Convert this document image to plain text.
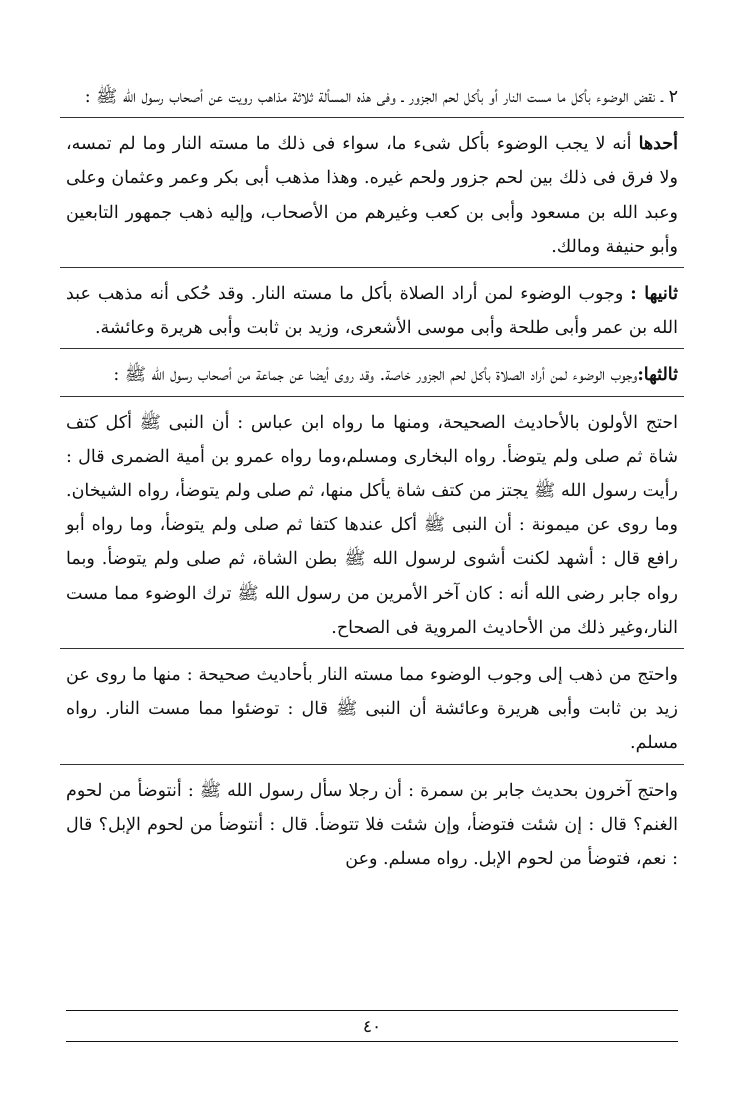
٢ ـ نقض الوضوء بأكل ما مست النار أو بأكل لحم الجزور ـ وفى هذه المسألة ثلاثة مذاهب رويت عن أصحاب رسول الله ﷺ :

أحدها أنه لا يجب الوضوء بأكل شىء ما، سواء فى ذلك ما مسته النار وما لم تمسه، ولا فرق فى ذلك بين لحم جزور ولحم غيره. وهذا مذهب أبى بكر وعمر وعثمان وعلى وعبد الله بن مسعود وأبى بن كعب وغيرهم من الأصحاب، وإليه ذهب جمهور التابعين وأبو حنيفة ومالك.

ثانيها : وجوب الوضوء لمن أراد الصلاة بأكل ما مسته النار. وقد حُكى أنه مذهب عبد الله بن عمر وأبى طلحة وأبى موسى الأشعرى، وزيد بن ثابت وأبى هريرة وعائشة.

ثالثها:وجوب الوضوء لمن أراد الصلاة بأكل لحم الجزور خاصة. وقد روى أيضا عن جماعة من أصحاب رسول الله ﷺ :

احتج الأولون بالأحاديث الصحيحة، ومنها ما رواه ابن عباس : أن النبى ﷺ أكل كتف شاة ثم صلى ولم يتوضأ. رواه البخارى ومسلم،وما رواه عمرو بن أمية الضمرى قال : رأيت رسول الله ﷺ يجتز من كتف شاة يأكل منها، ثم صلى ولم يتوضأ، رواه الشيخان. وما روى عن ميمونة : أن النبى ﷺ أكل عندها كتفا ثم صلى ولم يتوضأ، وما رواه أبو رافع قال : أشهد لكنت أشوى لرسول الله ﷺ بطن الشاة، ثم صلى ولم يتوضأ. وبما رواه جابر رضى الله أنه : كان آخر الأمرين من رسول الله ﷺ ترك الوضوء مما مست النار،وغير ذلك من الأحاديث المروية فى الصحاح.

واحتج من ذهب إلى وجوب الوضوء مما مسته النار بأحاديث صحيحة : منها ما روى عن زيد بن ثابت وأبى هريرة وعائشة أن النبى ﷺ قال : توضئوا مما مست النار. رواه مسلم.

واحتج آخرون بحديث جابر بن سمرة : أن رجلا سأل رسول الله ﷺ : أنتوضأ من لحوم الغنم؟ قال : إن شئت فتوضأ، وإن شئت فلا تتوضأ. قال : أنتوضأ من لحوم الإبل؟ قال : نعم، فتوضأ من لحوم الإبل. رواه مسلم. وعن

٤٠
